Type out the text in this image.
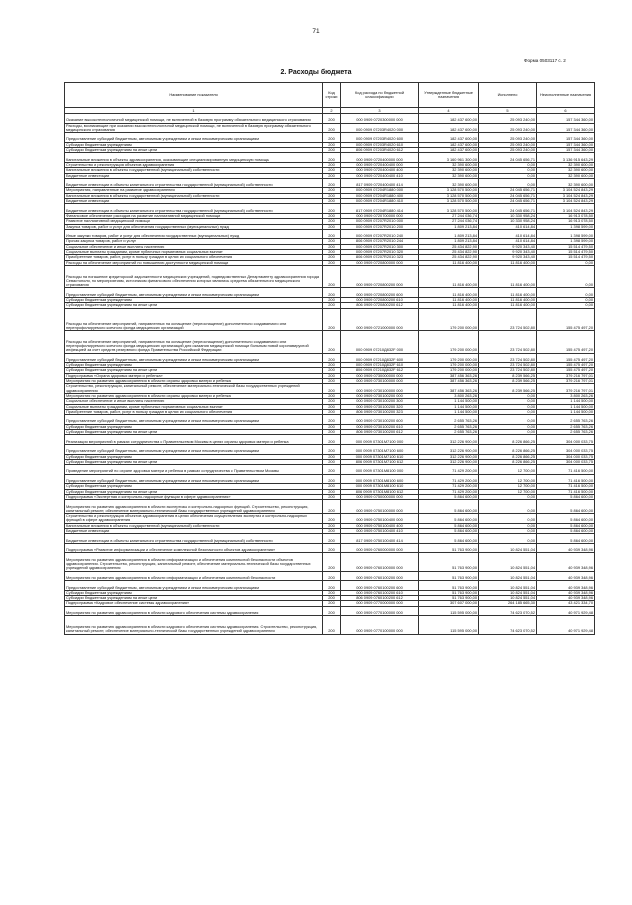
71
Форма 0503117 с. 2
2. Расходы бюджета
Наименование показателя	Код строки	Код расхода по бюджетной классификации	Утвержденные бюджетные назначения	Исполнено	Неисполненные назначения
1	2	3	4	5	6
Оказание высокотехнологичной медицинской помощи, не включенной в базовую программу обязательного медицинского страхования	200	000 0909 0720300000 000	182 437 600,00	25 093 240,00	157 344 360,00
Расходы, возникающие при оказании высокотехнологичной медицинской помощи, не включенной в базовую программу обязательного медицинского страхования	200	000 0909 07203R4020 000	182 437 600,00	25 093 240,00	157 344 360,00
Предоставление субсидий бюджетным, автономным учреждениям и иным некоммерческим организациям	200	000 0909 07203R4020 600	182 437 600,00	25 093 240,00	157 344 360,00
Субсидии бюджетным учреждениям	200	000 0909 07203R4020 610	182 437 600,00	25 093 240,00	157 344 360,00
Субсидии бюджетным учреждениям на иные цели	200	806 0909 07203R4020 612	182 437 600,00	25 093 240,00	157 344 360,00
Капитальные вложения в объекты здравоохранения, оказывающие специализированную медицинскую помощь	200	000 0909 0720400000 000	3 160 961 300,00	24 045 656,71	3 136 915 643,29
Строительство и реконструкция объектов здравоохранения	200	000 0909 0720400400 000	32 390 600,00	0,00	32 390 600,00
Капитальные вложения в объекты государственной (муниципальной) собственности	200	000 0909 0720400400 400	32 390 600,00	0,00	32 390 600,00
Бюджетные инвестиции	200	000 0909 0720400400 410	32 390 600,00	0,00	32 390 600,00
Бюджетные инвестиции в объекты капитального строительства государственной (муниципальной) собственности	200	817 0909 0720400400 414	32 390 600,00	0,00	32 390 600,00
Мероприятия, направленные на развитие здравоохранения	200	000 0909 07204R1880 000	3 128 570 500,00	24 045 656,71	3 104 524 843,29
Капитальные вложения в объекты государственной (муниципальной) собственности	200	000 0909 07204R1880 400	3 128 570 500,00	24 045 656,71	3 104 524 843,29
Бюджетные инвестиции	200	000 0909 07204R1880 410	3 128 570 500,00	24 045 656,71	3 104 524 843,29
Бюджетные инвестиции в объекты капитального строительства государственной (муниципальной) собственности	200	817 0909 07204R1880 414	3 128 570 500,00	24 045 656,71	3 104 524 843,29
Финансовое обеспечение расходов на развитие паллиативной медицинской помощи	200	000 0909 0720700000 000	27 244 036,74	10 330 958,24	16 913 078,50
Развитие паллиативной медицинской помощи	200	000 0909 07207R2010 000	27 244 036,74	10 330 958,24	16 913 078,50
Закупка товаров, работ и услуг для обеспечения государственных (муниципальных) нужд	200	000 0909 07207R2010 200	1 809 213,84	410 614,84	1 398 599,00
Иные закупки товаров, работ и услуг для обеспечения государственных (муниципальных) нужд	200	000 0909 07207R2010 240	1 809 213,84	410 614,84	1 398 599,00
Прочая закупка товаров, работ и услуг	200	806 0909 07207R2010 244	1 809 213,84	410 614,84	1 398 599,00
Социальное обеспечение и иные выплаты населению	200	000 0909 07207R2010 300	25 434 822,90	9 920 343,40	15 514 479,50
Социальные выплаты гражданам, кроме публичных нормативных социальных выплат	200	000 0909 07207R2010 320	25 434 822,90	9 920 343,40	15 514 479,50
Приобретение товаров, работ, услуг в пользу граждан в целях их социального обеспечения	200	806 0909 07207R2010 323	25 434 822,90	9 920 343,40	15 514 479,50
Расходы на обеспечение мероприятий по повышению доступности медицинской помощи	200	000 0909 0720800000 000	11 816 400,00	11 816 400,00	0,00
Расходы на погашение кредиторской задолженности медицинских учреждений, подведомственных Департаменту здравоохранения города Севастополя, по мероприятиям, источником финансового обеспечения которых являлись средства обязательного медицинского страхования	200	000 0909 0720800200 000	11 816 400,00	11 816 400,00	0,00
Предоставление субсидий бюджетным, автономным учреждениям и иным некоммерческим организациям	200	000 0909 0720800200 600	11 816 400,00	11 816 400,00	0,00
Субсидии бюджетным учреждениям	200	000 0909 0720800200 610	11 816 400,00	11 816 400,00	0,00
Субсидии бюджетным учреждениям на иные цели	200	806 0909 0720800200 612	11 816 400,00	11 816 400,00	0,00
Расходы на обеспечение мероприятий, направленных на оснащение (переоснащение) дополнительно создаваемого или перепрофилируемого коечного фонда медицинских организаций	200	000 0909 0721000000 000	179 200 000,00	23 724 502,80	155 475 497,20
Расходы на обеспечение мероприятий, направленных на оснащение (переоснащение) дополнительно создаваемого или перепрофилируемого коечного фонда медицинских организаций для оказания медицинской помощи больным новой коронавирусной инфекцией за счет средств резервного фонда Правительства Российской Федерации	200	000 0909 07210Д832F 000	179 200 000,00	23 724 502,80	155 475 497,20
Предоставление субсидий бюджетным, автономным учреждениям и иным некоммерческим организациям	200	000 0909 07210Д832F 600	179 200 000,00	23 724 502,80	155 475 497,20
Субсидии бюджетным учреждениям	200	000 0909 07210Д832F 610	179 200 000,00	23 724 502,80	155 475 497,20
Субсидии бюджетным учреждениям на иные цели	200	806 0909 07210Д832F 612	179 200 000,00	23 724 502,80	155 475 497,20
Подпрограмма «Охрана здоровья матери и ребенка»	200	000 0909 0730000000 000	387 456 363,26	8 239 566,25	379 216 797,01
Мероприятия по развитию здравоохранения в области охраны здоровья матери и ребенка	200	000 0909 0730100000 000	387 456 363,26	8 239 566,25	379 216 797,01
Строительство, реконструкция, капитальный ремонт, обеспечение материально-технической базы государственных учреждений здравоохранения	200	000 0909 0730100000 000	387 456 363,26	8 239 566,25	379 216 797,01
Мероприятия по развитию здравоохранения в области охраны здоровья матери и ребенка	200	000 0909 0730100200 000	3 800 263,26	0,00	3 800 263,26
Социальное обеспечение и иные выплаты населению	200	000 0909 0730100200 300	1 144 500,00	0,00	1 144 500,00
Социальные выплаты гражданам, кроме публичных нормативных социальных выплат	200	000 0909 0730100200 320	1 144 500,00	0,00	1 144 500,00
Приобретение товаров, работ, услуг в пользу граждан в целях их социального обеспечения	200	806 0909 0730100200 323	1 144 500,00	0,00	1 144 500,00
Предоставление субсидий бюджетным, автономным учреждениям и иным некоммерческим организациям	200	000 0909 0730100200 600	2 655 763,26	0,00	2 655 763,26
Субсидии бюджетным учреждениям	200	000 0909 0730100200 610	2 655 763,26	0,00	2 655 763,26
Субсидии бюджетным учреждениям на иные цели	200	806 0909 0730100200 612	2 655 763,26	0,00	2 655 763,26
Реализация мероприятий в рамках сотрудничества с Правительством Москвы в целях охраны здоровья матери и ребенка	200	000 0909 07301М7100 000	312 226 900,00	8 226 866,25	304 000 033,75
Предоставление субсидий бюджетным, автономным учреждениям и иным некоммерческим организациям	200	000 0909 07301М7100 600	312 226 900,00	8 226 866,25	304 000 033,75
Субсидии бюджетным учреждениям	200	000 0909 07301М7100 610	312 226 900,00	8 226 866,25	304 000 033,75
Субсидии бюджетным учреждениям на иные цели	200	806 0909 07301М7100 612	312 226 900,00	8 226 866,25	304 000 033,75
Проведение мероприятий по охране здоровья матери и ребенка в рамках сотрудничества с Правительством Москвы	200	000 0909 07301М8100 000	71 429 200,00	12 700,00	71 416 500,00
Предоставление субсидий бюджетным, автономным учреждениям и иным некоммерческим организациям	200	000 0909 07301М8100 600	71 429 200,00	12 700,00	71 416 500,00
Субсидии бюджетным учреждениям	200	000 0909 07301М8100 610	71 429 200,00	12 700,00	71 416 500,00
Субсидии бюджетным учреждениям на иные цели	200	806 0909 07301М8100 612	71 429 200,00	12 700,00	71 416 500,00
Подпрограмма «Экспертная и контрольно-надзорные функции в сфере здравоохранения»	200	000 0909 0750000000 000	5 864 600,00	0,00	5 864 600,00
Мероприятия по развитию здравоохранения в области экспертизы и контрольно-надзорных функций. Строительство, реконструкция, капитальный ремонт, обеспечение материально-технической базы государственных учреждений здравоохранения	200	000 0909 0750100000 000	5 864 600,00	0,00	5 864 600,00
Строительство и реконструкция объектов здравоохранения в целях обеспечения осуществления экспертиз и контрольно-надзорных функций в сфере здравоохранения	200	000 0909 0750100400 000	5 864 600,00	0,00	5 864 600,00
Капитальные вложения в объекты государственной (муниципальной) собственности	200	000 0909 0750100400 400	5 864 600,00	0,00	5 864 600,00
Бюджетные инвестиции	200	000 0909 0750100400 410	5 864 600,00	0,00	5 864 600,00
Бюджетные инвестиции в объекты капитального строительства государственной (муниципальной) собственности	200	817 0909 0750100400 414	5 864 600,00	0,00	5 864 600,00
Подпрограмма «Развитие информатизации и обеспечение комплексной безопасности объектов здравоохранения»	200	000 0909 0760000000 000	51 763 900,00	10 824 551,04	40 939 348,96
Мероприятия по развитию здравоохранения в области информатизации и обеспечения комплексной безопасности объектов здравоохранения. Строительство, реконструкция, капитальный ремонт, обеспечение материально-технической базы государственных учреждений здравоохранения	200	000 0909 0760100000 000	51 763 900,00	10 824 551,04	40 939 348,96
Мероприятия по развитию здравоохранения в области информатизации и обеспечения комплексной безопасности	200	000 0909 0760100200 000	51 763 900,00	10 824 551,04	40 939 348,96
Предоставление субсидий бюджетным, автономным учреждениям и иным некоммерческим организациям	200	000 0909 0760100200 600	51 763 900,00	10 824 551,04	40 939 348,96
Субсидии бюджетным учреждениям	200	000 0909 0760100200 610	51 763 900,00	10 824 551,04	40 939 348,96
Субсидии бюджетным учреждениям на иные цели	200	806 0909 0760100200 612	51 763 900,00	10 824 551,04	40 939 348,96
Подпрограмма «Кадровое обеспечение системы здравоохранения»	200	000 0909 0770000000 000	307 607 000,00	264 185 665,30	43 421 334,70
Мероприятия по развитию здравоохранения в области кадрового обеспечения системы здравоохранения	200	000 0909 0770100000 000	115 595 000,00	74 623 070,52	40 971 929,48
Мероприятия по развитию здравоохранения в области кадрового обеспечения системы здравоохранения. Строительство, реконструкция, капитальный ремонт, обеспечение материально-технической базы государственных учреждений здравоохранения	200	000 0909 0770100000 000	115 595 000,00	74 623 070,52	40 971 929,48
